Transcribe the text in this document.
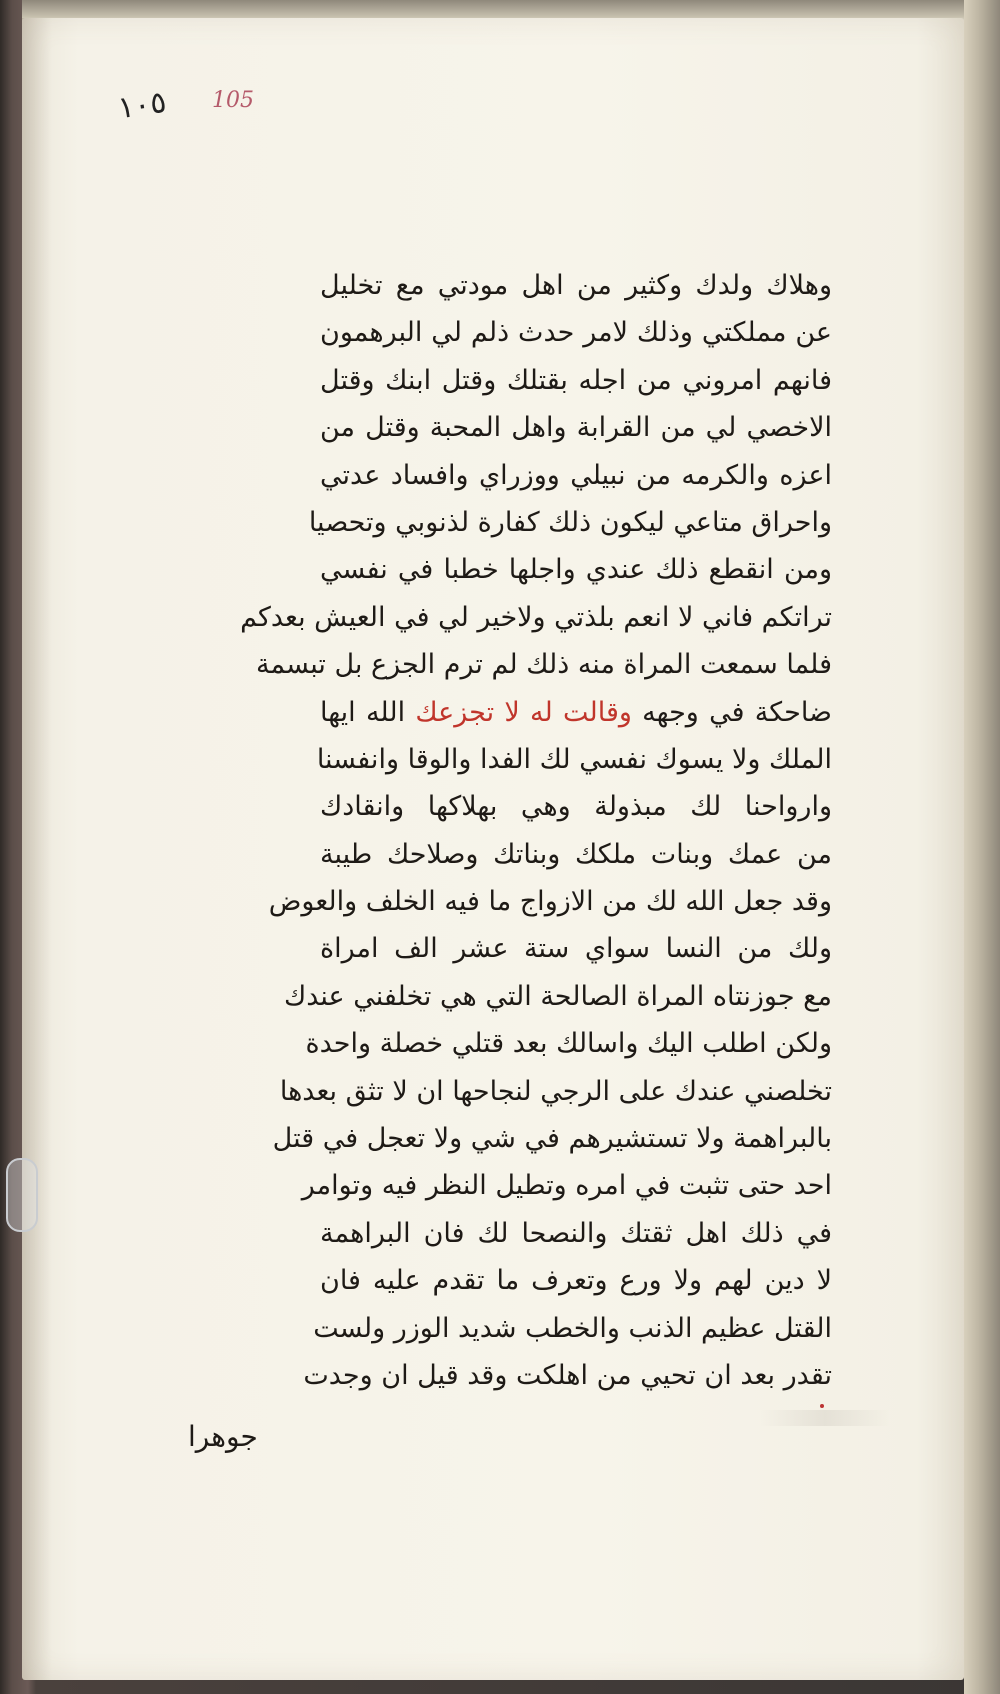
١٠٥ 105
وهلاك ولدك وكثير من اهل مودتي مع تخليل
عن مملكتي وذلك لامر حدث ذلم لي البرهمون
فانهم امروني من اجله بقتلك وقتل ابنك وقتل
الاخصي لي من القرابة واهل المحبة وقتل من
اعزه والكرمه من نبيلي ووزراي وافساد عدتي
واحراق متاعي ليكون ذلك كفارة لذنوبي وتحصيا
ومن انقطع ذلك عندي واجلها خطبا في نفسي
تراتكم فاني لا انعم بلذتي ولاخير لي في العيش بعدكم
فلما سمعت المراة منه ذلك لم ترم الجزع بل تبسمة
ضاحكة في وجهه وقالت له لا تجزعك الله ايها
الملك ولا يسوك نفسي لك الفدا والوقا وانفسنا
وارواحنا لك مبذولة وهي بهلاكها وانقادك
من عمك وبنات ملكك وبناتك وصلاحك طيبة
وقد جعل الله لك من الازواج ما فيه الخلف والعوض
ولك من النسا سواي ستة عشر الف امراة
مع جوزنتاه المراة الصالحة التي هي تخلفني عندك
ولكن اطلب اليك واسالك بعد قتلي خصلة واحدة
تخلصني عندك على الرجي لنجاحها ان لا تثق بعدها
بالبراهمة ولا تستشيرهم في شي ولا تعجل في قتل
احد حتى تثبت في امره وتطيل النظر فيه وتوامر
في ذلك اهل ثقتك والنصحا لك فان البراهمة
لا دين لهم ولا ورع وتعرف ما تقدم عليه فان
القتل عظيم الذنب والخطب شديد الوزر ولست
تقدر بعد ان تحيي من اهلكت وقد قيل ان وجدت
جوهرا
